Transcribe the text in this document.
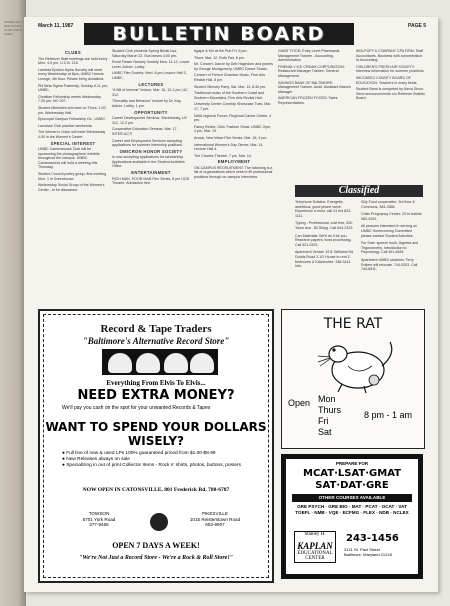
ORRER JEVERE SOCIAL CLUB THE BOARD
March 11, 1987	PAGE 5
BULLETIN BOARD
CLUBS

The Retriever Staff meetings are held every Mon. 4-5 pm, U.C.B. 216.

Lambda Epsilon Alpha Sorority will meet every Wednesday at 8pm, UMBC Honors Lounge, 4th floor. Please bring donations.

Phi Beta Sigma Fraternity, Sunday 8-11 pm, UMBC.

Christian Fellowship meets Wednesday 7:30 pm, MC 007.

Student Ministries will meet on Thurs. 1:00 pm, Wednesday Hall.

Episcopal Campus Fellowship Ctr., UMBC.

Lacrosse Club practice weekends.

The Women's Union will meet Wednesday 4:30 in the Women's Center.

SPECIAL INTEREST

UMBC Cameraworks Club will be sponsoring the photographers' exhibits throughout the campus. UMBC Cameraworks will hold a meeting this Thursday.

Student Council poetry group, first meeting Mon. 1 in Greenhouse.

Wednesday Social Group of the Women's Center - to be discussed.

Student Club presents Spring Break tour, Saturday March 22. Bus leaves 4:00 pm.

Rural Flower Nursery Society Mon. 11-12, Lower Level, Admin. Lobby.

UMBC Film Society: Wed. 8 pm Lecture Hall 3, UMBC.

LECTURES

"A Bill of Interest" lecture, Mar. 16, 12-1 pm, UC 312.

"Sexuality and Behavior" lecture by Dr. Kay, Admin. Lobby, 1 pm.

OPPORTUNITY

Career Development Seminar, Wednesday, UC 312, 12-2 pm.

Cooperative Education Seminar, Mar. 17. INTER-ACT!

Career and Employment Services accepting applications for summer internship positions.

OMICRON HONOR SOCIETY

Is now accepting applications for scholarship. Applications available in the Student Activities Office.

ENTERTAINMENT

RICH MAN, POOR MAN Film Series, 8 pm UCB Theatre. Admission free.

Agape & Kin at the Pub Fri. 8 pm.

Thurs. Mar. 12, Ruth Fair, 8 pm.

Mr. Concert, Dance by Deb Hagedorn and poems by George Montgomery, UMBC Dance Studio.

Concert of French Chamber Music, Fine Arts Recital Hall, 8 pm.

Student Ministry Party, Sat. Mar. 14, 8:30 pm.

Traditional music of the Southern Coast and Southern Mountains, Fine Arts Recital Hall.

University Center Comedy Showcase Tues. Mar. 17, 7 pm.

NAIA regional Forum, Regional Career Center, 4 pm.

Fanny Rector, Girls' Fashion Show, UMBC Gym, 4 pm, Mar. 19.

Anouk, New Wave Film Series, Mar. 18, 4 pm.

International Women's Day Dinner, Mar. 14, Lecture Hall 4.

The Charles Theatre, 7 pm, Mar. 14.

EMPLOYMENT

ON-CAMPUS RECRUITMENT: The following is a list of organizations which seek to fill professional positions through on-campus interviews.

GIANT FOOD: Entry Level Pharmacist, Management Trainee - Accounting, Administration.

FRIENDLY ICE CREAM CORPORATION: Restaurant Manager Trainee, General Management.

SAVINGS BANK OF BALTIMORE: Management Trainee, Audit, Assistant Branch Manager.

AMERICAN FROZEN FOODS: Sales Representatives.

WOLPOFF & COMPANY CPA FIRM: Staff Accountants, Business with concentration in Accounting.

CHILDREN'S FRESH AIR SOCIETY: Interview information for summer positions.

WICOMICO COUNTY BOARD OF EDUCATION: Teachers in many fields.

Student Band is competed by Alexa Dixon. Send announcements c/o Retriever Bulletin Board.

Classified

Telephone Solicitor: Energetic, ambitious, good phone voice. Experience a must, call 24 hrs 823-1111.

Typing - Professional, cost free, 830 Yours Ave., $2.50/pg. Call 644-2323.

Can Materials: We'll do it for you. Research papers, word processing. Call 521-0323.

Apartment Vehicle 19.5: Williams Rd Dodds Road 2-1/2 House to rent 2 bedrooms & Kitchenette. 288-3441 Info.

Silly Food cooperative, 3rd floor & Commons, 384-3366.

Crisis Pregnancy Center: 24 hr hotline 583-3200.

All persons interested in serving on UMBC Homecoming Committee please contact Student Activities.

For Sale: speech book, Algebra and Trigonometry, Introduction to Psychology. Call 491-8484.

Apartment UMBC students: Terry Rollers will relocate. 744-0203. Call 744-8411.

Record & Tape Traders
"Baltimore's Alternative Record Store"
Everything From Elvis To Elvis...
NEED EXTRA MONEY?
We'll pay you cash on the spot for your unwanted Records & Tapes
WANT TO SPEND YOUR DOLLARS WISELY?
● Full line of new & used LPs 100% guaranteed priced from $1.00-$8.99
● New Releases always on sale
● Specializing in out of print Collector Items - Rock n' shirts, photos, buttons, posters
NOW OPEN IN CATONSVILLE, 801 Frederick Rd. 788-6787
TOWSON
6701 York Road
377-9466
PIKESVILLE
1015 Reisterstown Road
653-9907
OPEN 7 DAYS A WEEK!
"We're Not Just a Record Store - We're a Rock & Roll Store!"
THE RAT
Open Mon
Thurs
Fri
Sat
8 pm - 1 am
PREPARE FOR
MCAT·LSAT·GMAT
SAT·DAT·GRE
OTHER COURSES AVAILABLE
GRE PSYCH · GRE BIO · MAT · PCAT · OCAT · VAT
TOEFL · NMB · VQE · ECFMG · FLEX · NDB · NCLEX
Stanley H.
KAPLAN
EDUCATIONAL CENTER
243-1456
3121 St. Paul Street
Baltimore, Maryland 21218
